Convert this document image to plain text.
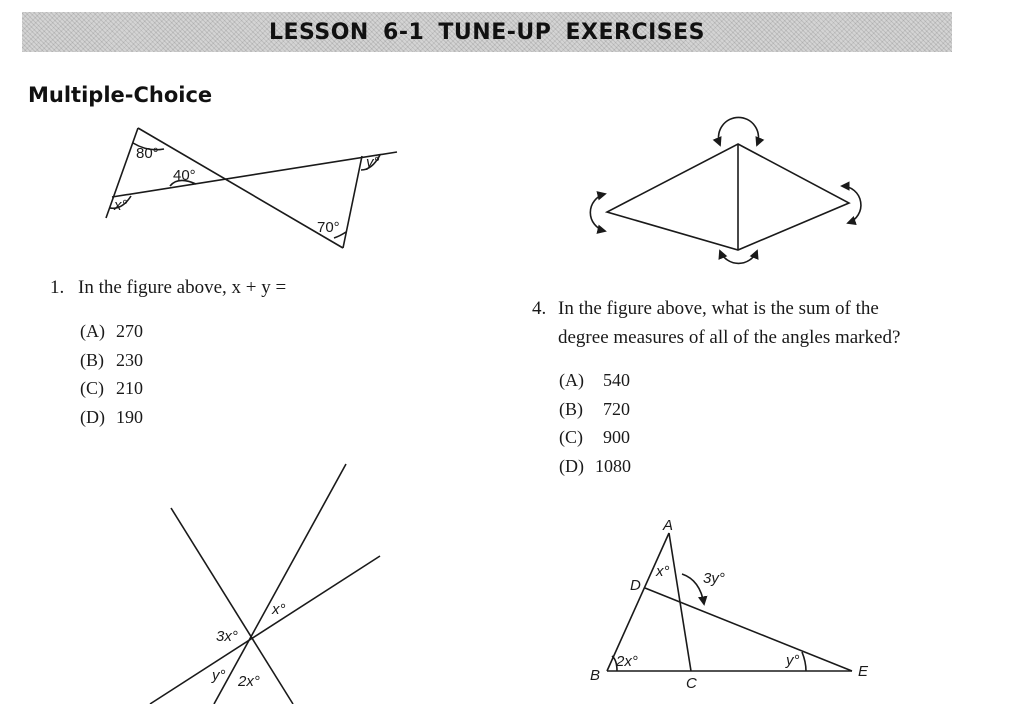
LESSON 6-1 TUNE-UP EXERCISES
Multiple-Choice
80°
40°
x°
y°
70°
1. In the figure above, x + y =
(A) 270
(B) 230
(C) 210
(D) 190
4. In the figure above, what is the sum of the
degree measures of all of the angles marked?
(A) 540
(B) 720
(C) 900
(D) 1080
3x°
x°
y° 2x°
A
D
B	C
E
x° 3y°
2x°	y°
